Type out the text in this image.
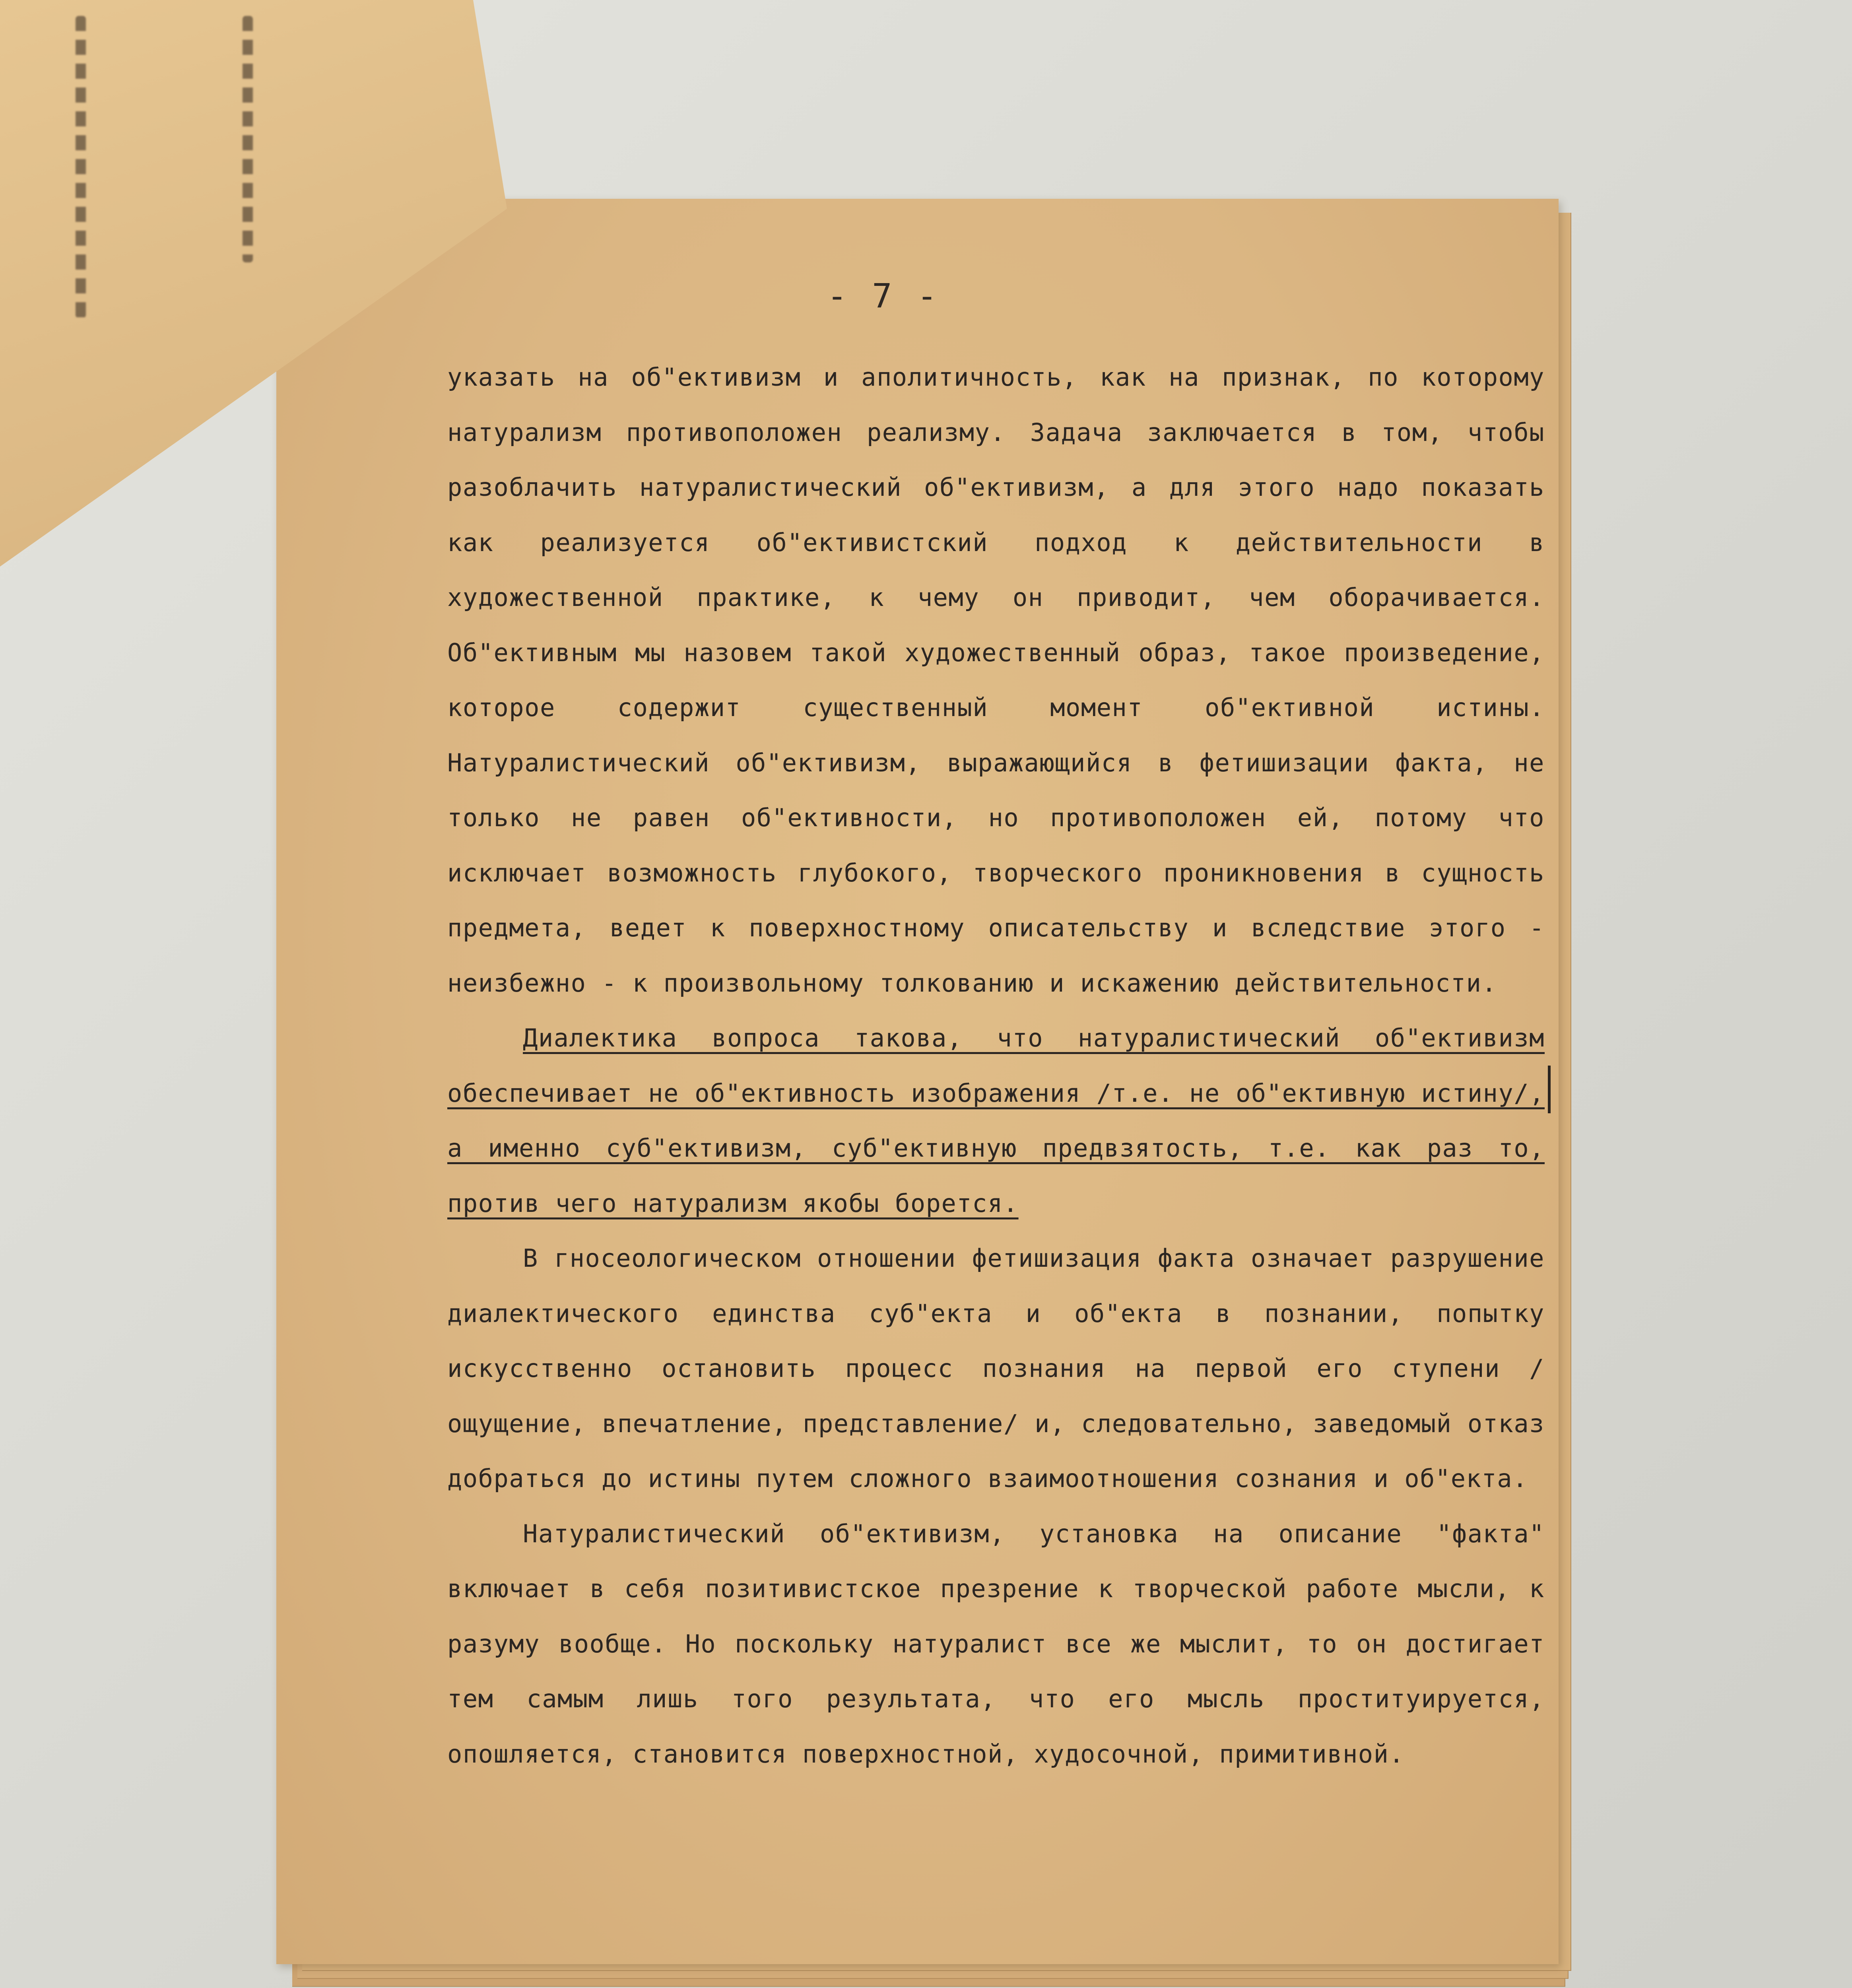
- 7 -

указать на об"ективизм и аполитичность, как на признак, по которому натурализм противоположен реализму. Задача заключается в том, чтобы разоблачить натуралистический об"ективизм, а для этого надо показать как реализуется об"ективистский подход к действительности в художественной практике, к чему он приводит, чем оборачивается. Об"ективным мы назовем такой художественный образ, такое произведение, которое содержит существенный момент об"ективной истины. Натуралистический об"ективизм, выражающийся в фетишизации факта, не только не равен об"ективности, но противоположен ей, потому что исключает возможность глубокого, творческого проникновения в сущность предмета, ведет к поверхностному описательству и вследствие этого - неизбежно - к произвольному толкованию и искажению действительности.

Диалектика вопроса такова, что натуралистический об"ективизм обеспечивает не об"ективность изображения /т.е. не об"ективную истину/, а именно суб"ективизм, суб"ективную предвзятость, т.е. как раз то, против чего натурализм якобы борется.

В гносеологическом отношении фетишизация факта означает разрушение диалектического единства суб"екта и об"екта в познании, попытку искусственно остановить процесс познания на первой его ступени /ощущение, впечатление, представление/ и, следовательно, заведомый отказ добраться до истины путем сложного взаимоотношения сознания и об"екта.

Натуралистический об"ективизм, установка на описание "факта" включает в себя позитивистское презрение к творческой работе мысли, к разуму вообще. Но поскольку натуралист все же мыслит, то он достигает тем самым лишь того результата, что его мысль проституируется, опошляется, становится поверхностной, худосочной, примитивной.
